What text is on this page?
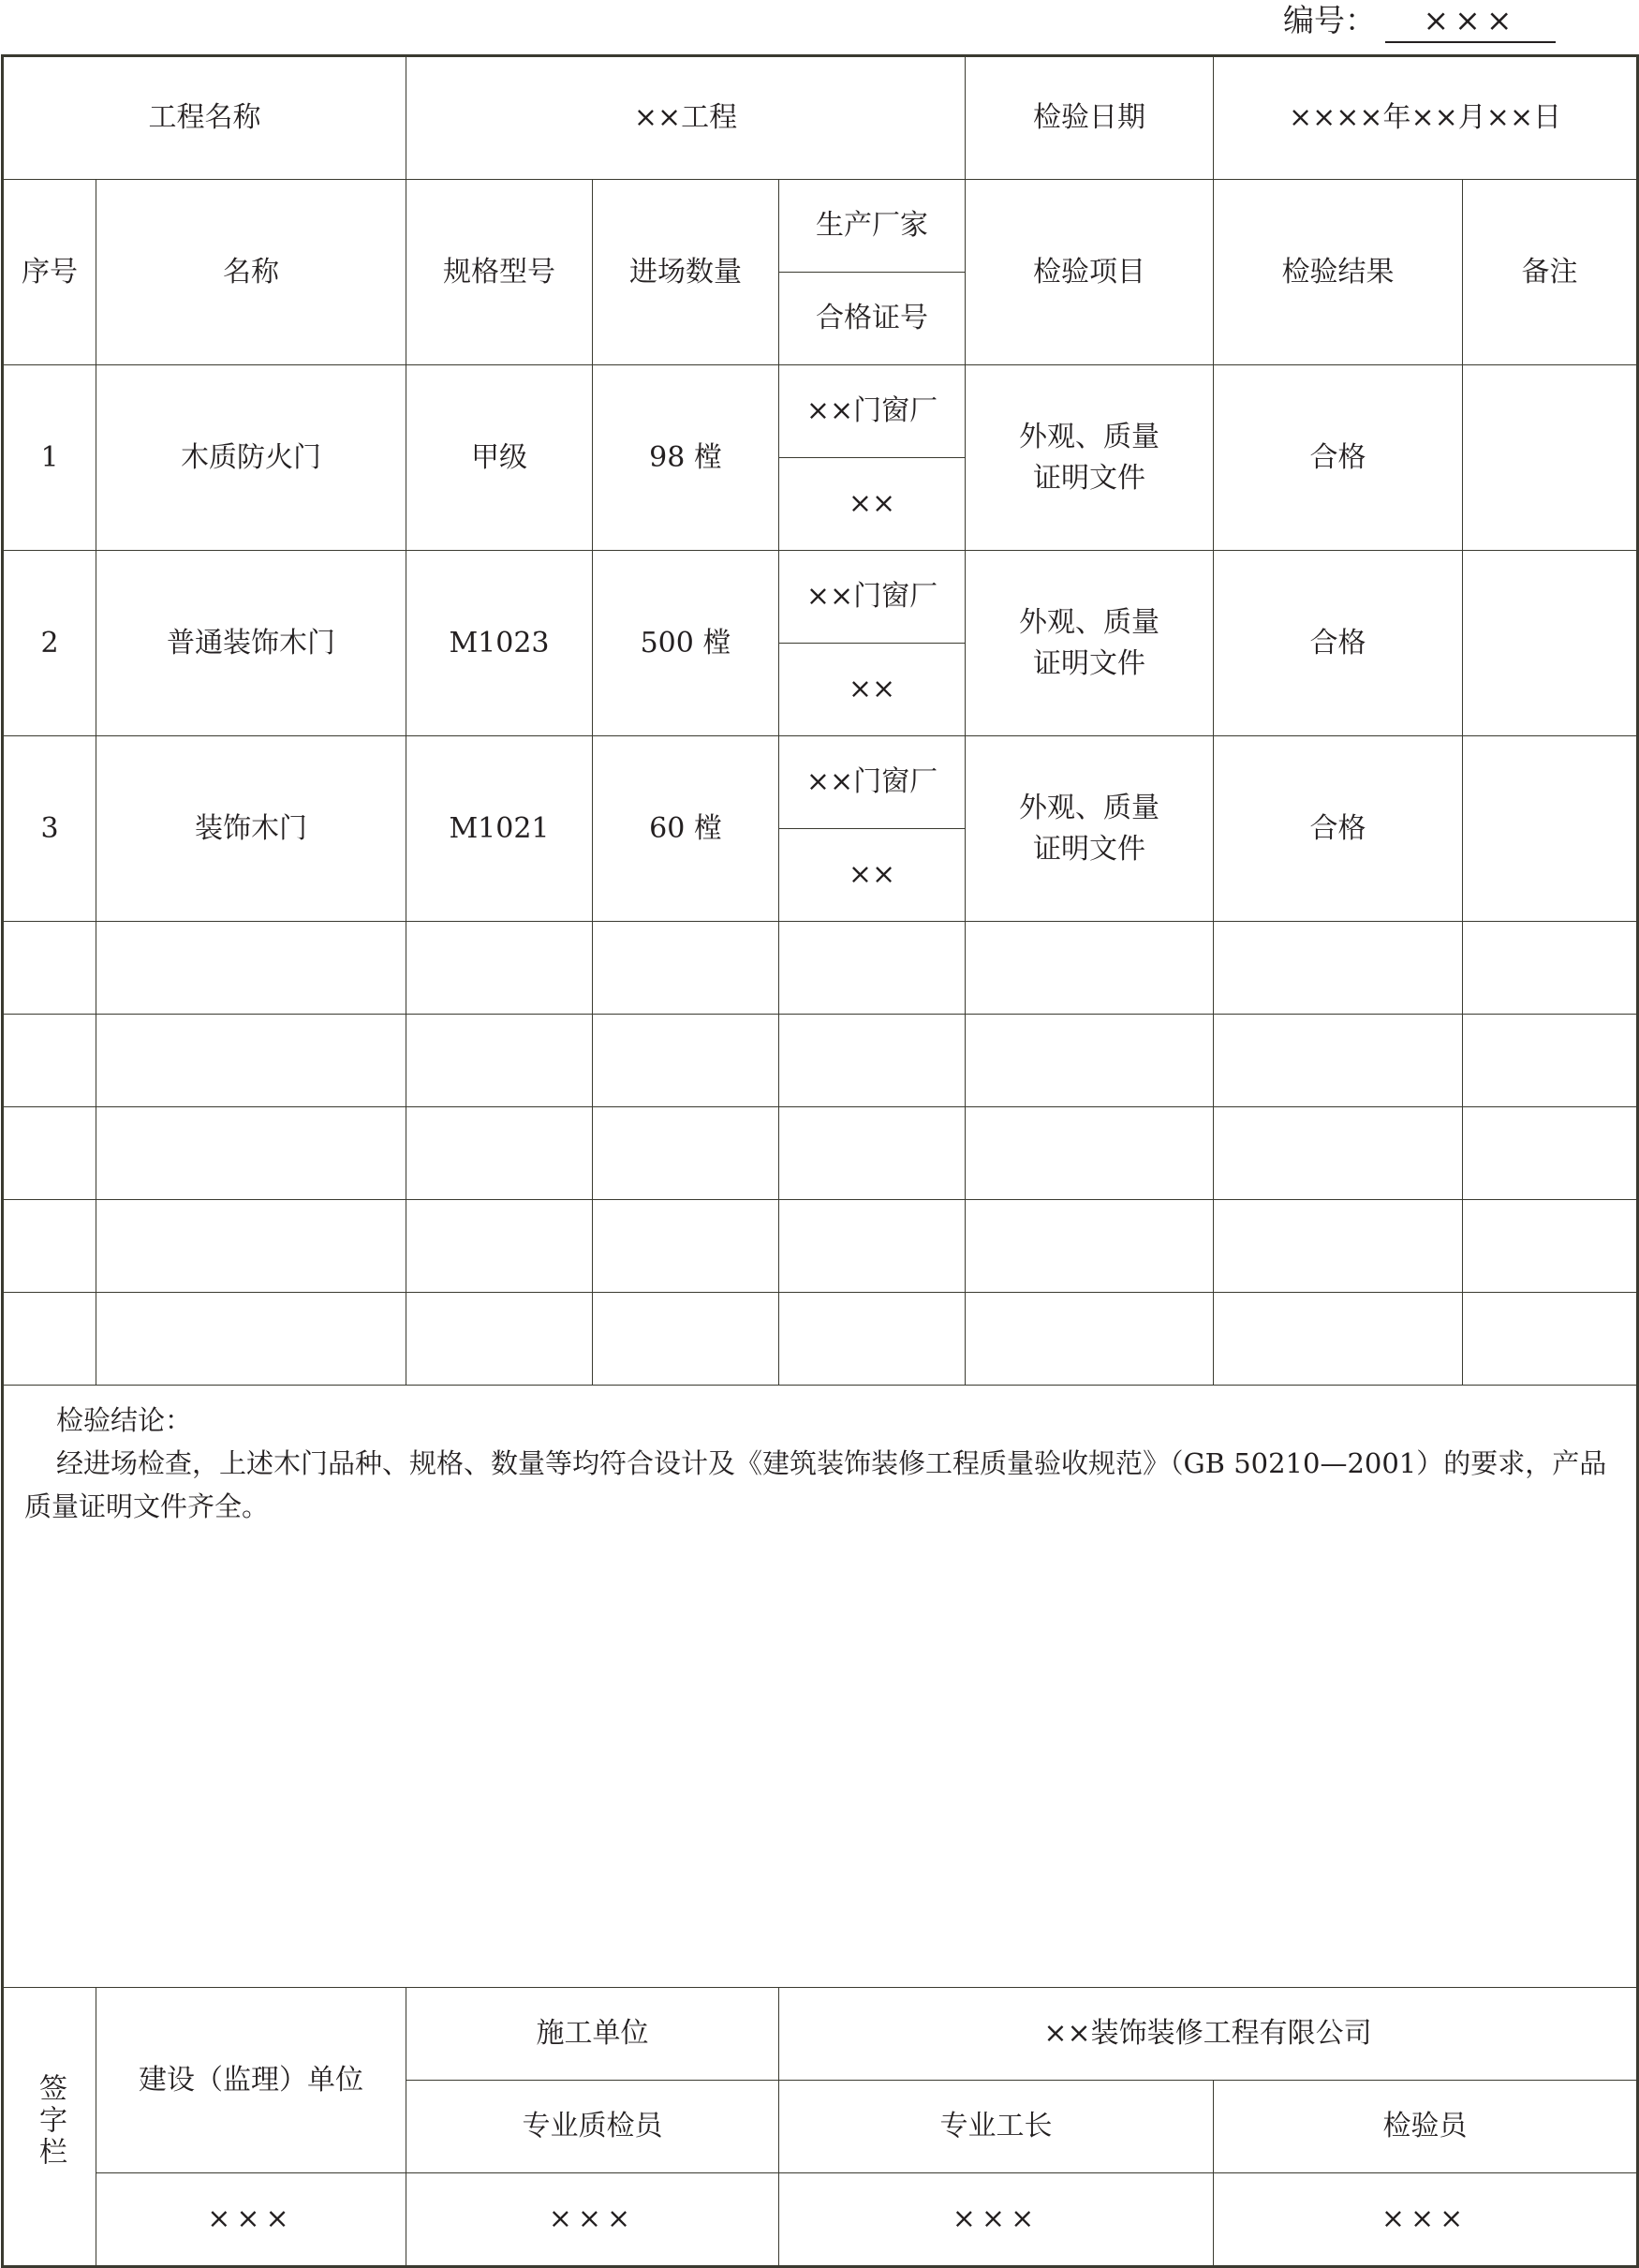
编号： ×××
工程名称		××工程			检验日期	××××年××月××日	
序号	名称	规格型号	进场数量	生产厂家	检验项目	检验结果	备注
				合格证号			
1	木质防火门	甲级	98 樘	××门窗厂	外观、质量证明文件	合格	
				××			
2	普通装饰木门	M1023	500 樘	××门窗厂	外观、质量证明文件	合格	
				××			
3	装饰木门	M1021	60 樘	××门窗厂	外观、质量证明文件	合格	
				××			

检验结论：
经进场检查，上述木门品种、规格、数量等均符合设计及《建筑装饰装修工程质量验收规范》（GB 50210—2001）的要求，产品质量证明文件齐全。							

签字栏	建设（监理）单位	施工单位		××装饰装修工程有限公司			
		专业质检员		专业工长		检验员	
	×××	×××		×××		×××	
